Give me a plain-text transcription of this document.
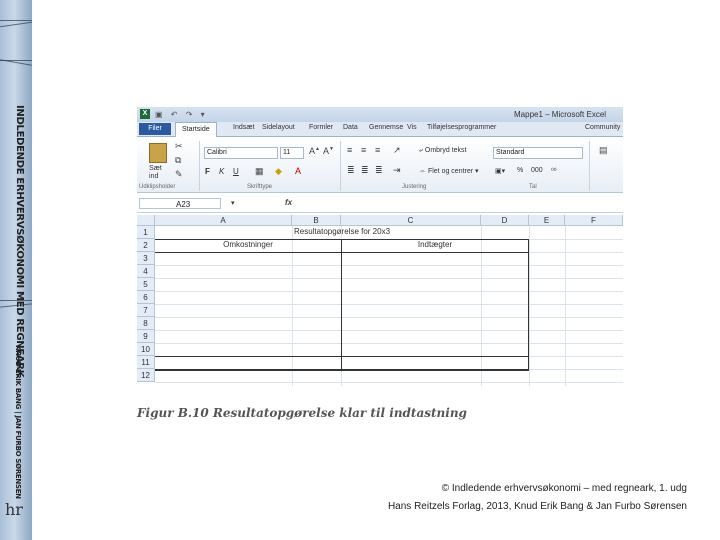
INDLEDENDE ERHVERVSØKONOMI MED REGNEARK
KNUD ERIK BANG | JAN FURBO SØRENSEN
hr
X ▣ ↶ ↷ ▾	Mappe1 – Microsoft Excel
Filer	Startside	Indsæt Sidelayout Formler Data Gennemse Vis Tilføjelsesprogrammer	Community
Sæt ind
✂
⧉
✎
Udklipsholder
Calibri	11	A▲ A▼
F K U ▦ ◆ A
Skrifttype
≡ ≡ ≡ ↗
≣ ≣ ≣ ⇥
⤶ Ombryd tekst
⇔ Flet og centrer ▾
Justering
Standard
▣▾ % 000 ⁰⁰
Tal
▤
A23	▾	fx
A	B	C	D	E	F
1
2
3
4
5
6
7
8
9
10
11
12
Resultatopgørelse for 20x3
Omkostninger	Indtægter
Figur B.10 Resultatopgørelse klar til indtastning
© Indledende erhvervsøkonomi – med regneark, 1. udg
Hans Reitzels Forlag, 2013, Knud Erik Bang & Jan Furbo Sørensen
